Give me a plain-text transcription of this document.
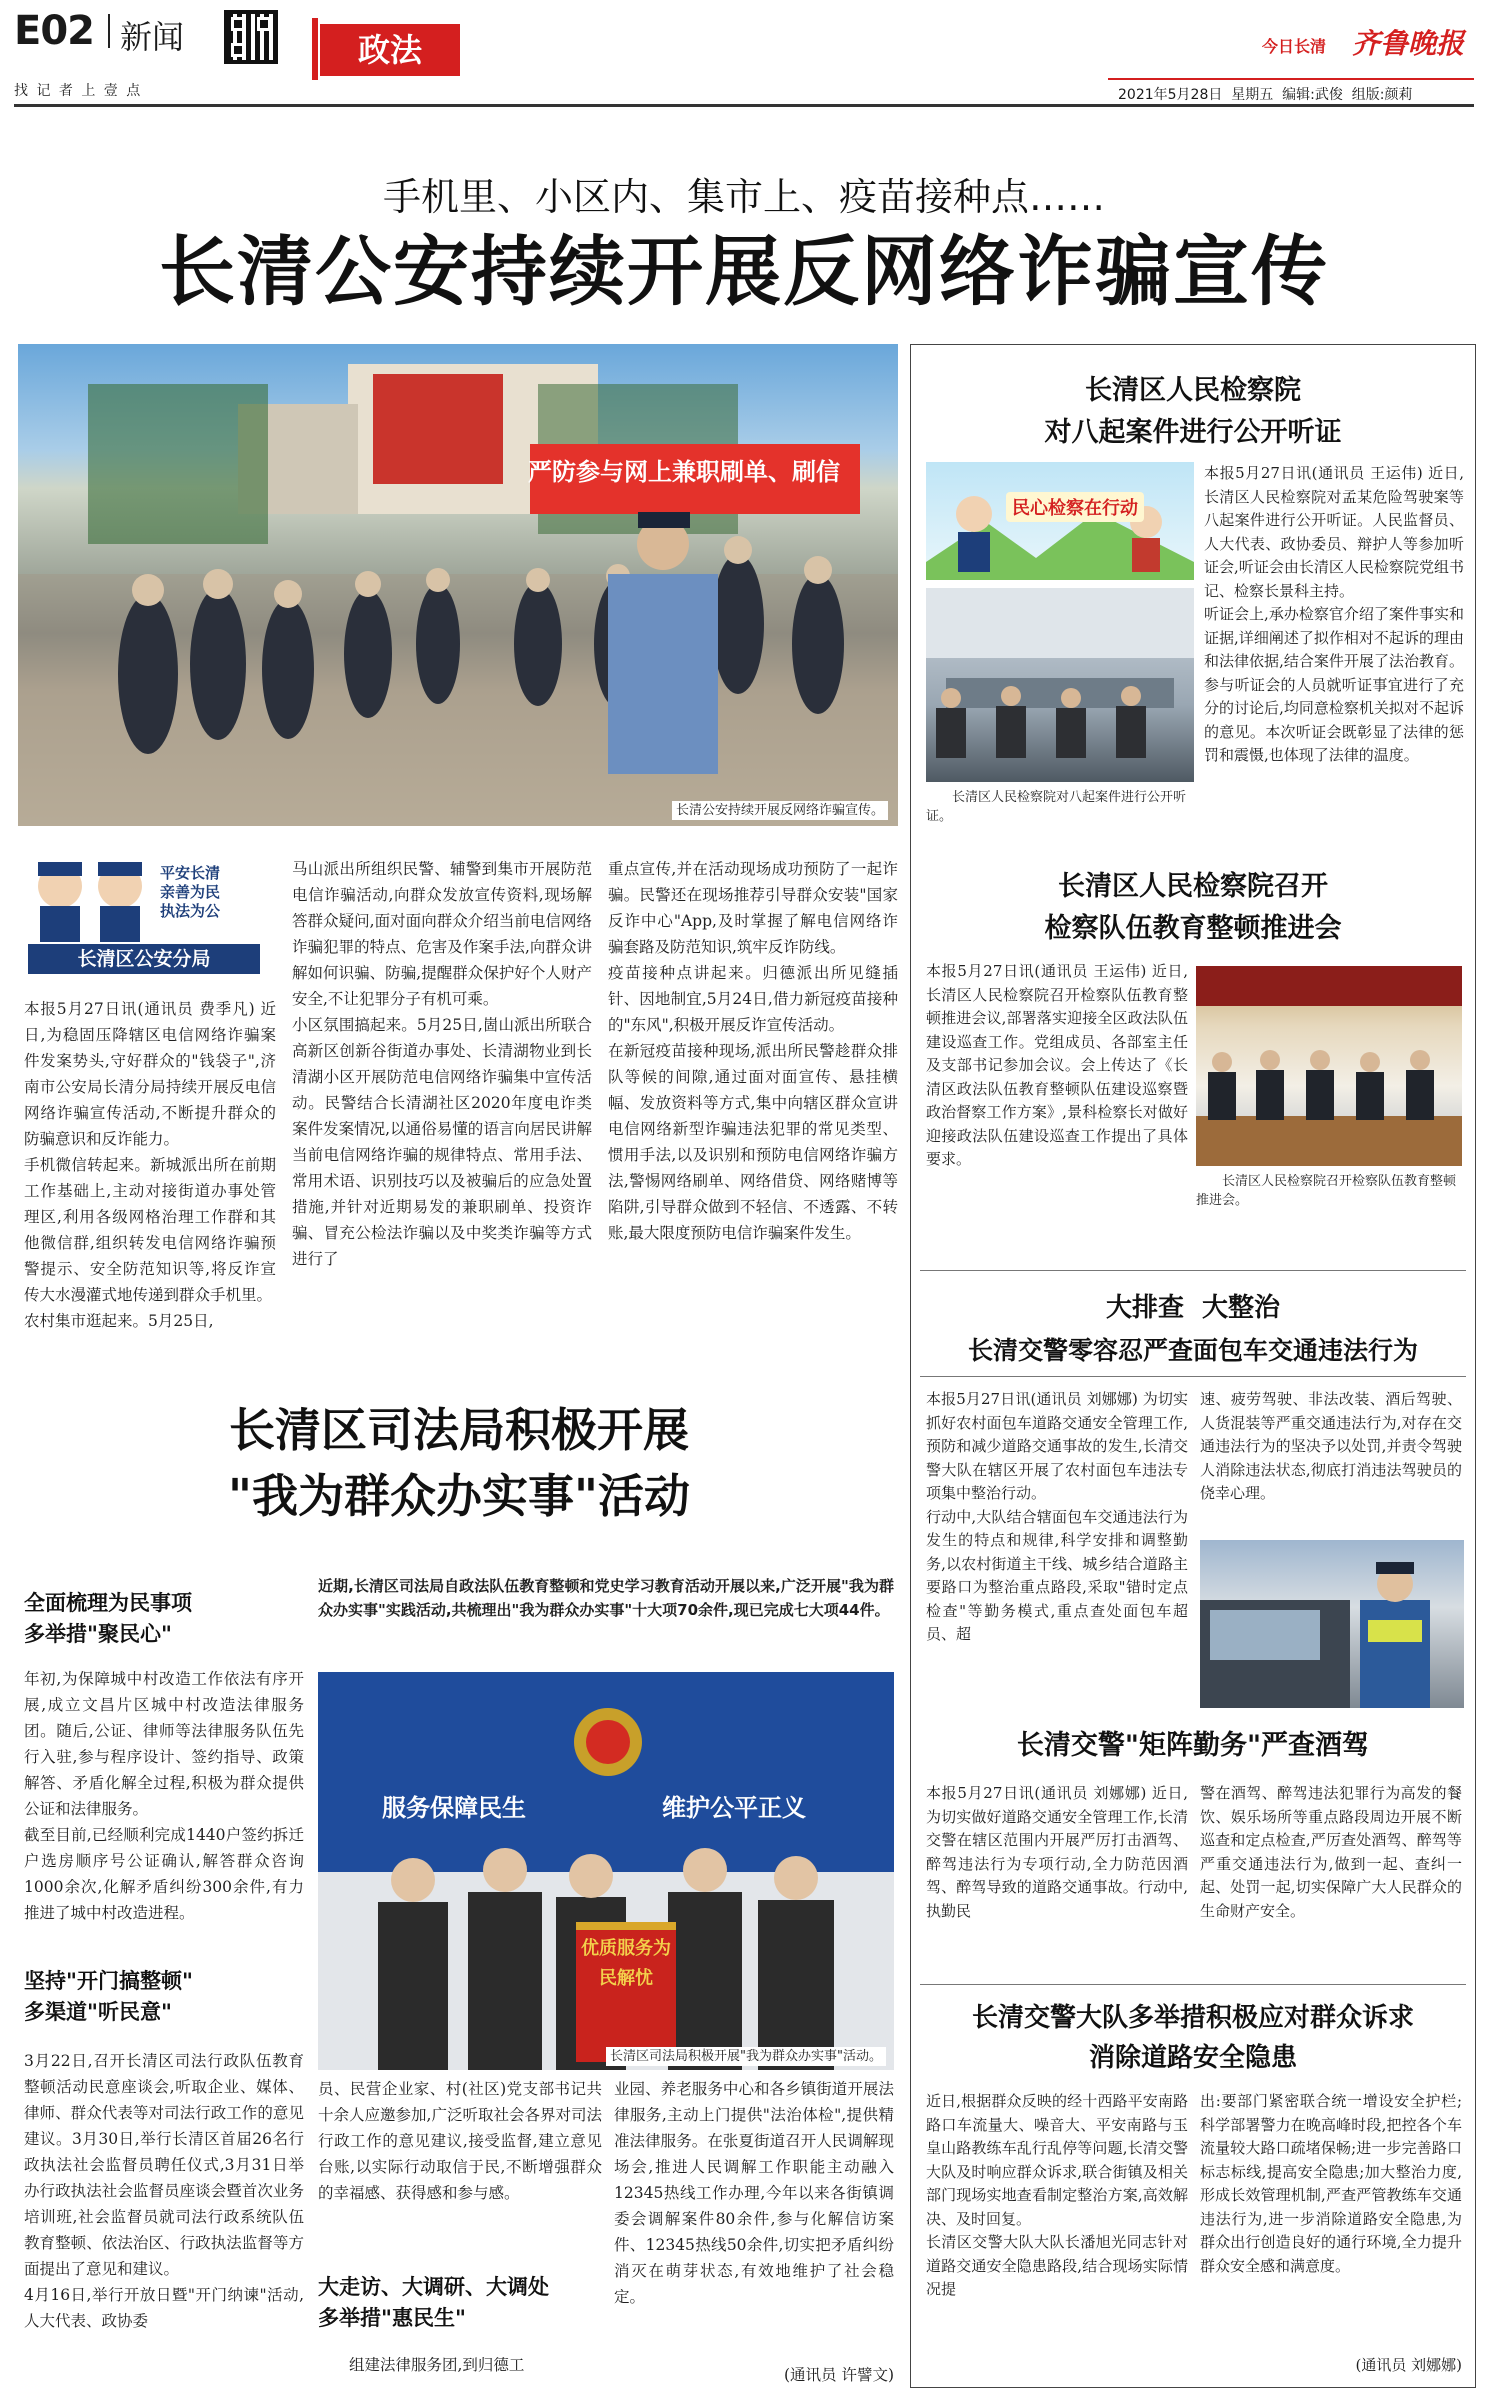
E02 新闻
找 记 者 上 壹 点
政法	今日长清 齐鲁晚报
2021年5月28日 星期五 编辑:武俊 组版:颜莉
手机里、小区内、集市上、疫苗接种点……
长清公安持续开展反网络诈骗宣传
严防参与网上兼职刷单、刷信
长清公安持续开展反网络诈骗宣传。
平安长清
亲善为民
执法为公
长清区公安分局
本报5月27日讯(通讯员 费季凡) 近日,为稳固压降辖区电信网络诈骗案件发案势头,守好群众的"钱袋子",济南市公安局长清分局持续开展反电信网络诈骗宣传活动,不断提升群众的防骗意识和反诈能力。
手机微信转起来。新城派出所在前期工作基础上,主动对接街道办事处管理区,利用各级网格治理工作群和其他微信群,组织转发电信网络诈骗预警提示、安全防范知识等,将反诈宣传大水漫灌式地传递到群众手机里。
农村集市逛起来。5月25日,
马山派出所组织民警、辅警到集市开展防范电信诈骗活动,向群众发放宣传资料,现场解答群众疑问,面对面向群众介绍当前电信网络诈骗犯罪的特点、危害及作案手法,向群众讲解如何识骗、防骗,提醒群众保护好个人财产安全,不让犯罪分子有机可乘。
小区氛围搞起来。5月25日,崮山派出所联合高新区创新谷街道办事处、长清湖物业到长清湖小区开展防范电信网络诈骗集中宣传活动。民警结合长清湖社区2020年度电诈类案件发案情况,以通俗易懂的语言向居民讲解当前电信网络诈骗的规律特点、常用手法、常用术语、识别技巧以及被骗后的应急处置措施,并针对近期易发的兼职刷单、投资诈骗、冒充公检法诈骗以及中奖类诈骗等方式进行了
重点宣传,并在活动现场成功预防了一起诈骗。民警还在现场推荐引导群众安装"国家反诈中心"App,及时掌握了解电信网络诈骗套路及防范知识,筑牢反诈防线。
疫苗接种点讲起来。归德派出所见缝插针、因地制宜,5月24日,借力新冠疫苗接种的"东风",积极开展反诈宣传活动。
在新冠疫苗接种现场,派出所民警趁群众排队等候的间隙,通过面对面宣传、悬挂横幅、发放资料等方式,集中向辖区群众宣讲电信网络新型诈骗违法犯罪的常见类型、惯用手法,以及识别和预防电信网络诈骗方法,警惕网络刷单、网络借贷、网络赌博等陷阱,引导群众做到不轻信、不透露、不转账,最大限度预防电信诈骗案件发生。
长清区司法局积极开展
"我为群众办实事"活动
全面梳理为民事项
多举措"聚民心"
年初,为保障城中村改造工作依法有序开展,成立文昌片区城中村改造法律服务团。随后,公证、律师等法律服务队伍先行入驻,参与程序设计、签约指导、政策解答、矛盾化解全过程,积极为群众提供公证和法律服务。
截至目前,已经顺利完成1440户签约拆迁户选房顺序号公证确认,解答群众咨询1000余次,化解矛盾纠纷300余件,有力推进了城中村改造进程。
坚持"开门搞整顿"
多渠道"听民意"
3月22日,召开长清区司法行政队伍教育整顿活动民意座谈会,听取企业、媒体、律师、群众代表等对司法行政工作的意见建议。3月30日,举行长清区首届26名行政执法社会监督员聘任仪式,3月31日举办行政执法社会监督员座谈会暨首次业务培训班,社会监督员就司法行政系统队伍教育整顿、依法治区、行政执法监督等方面提出了意见和建议。
4月16日,举行开放日暨"开门纳谏"活动,人大代表、政协委
近期,长清区司法局自政法队伍教育整顿和党史学习教育活动开展以来,广泛开展"我为群众办实事"实践活动,共梳理出"我为群众办实事"十大项70余件,现已完成七大项44件。
服务保障民生	维护公平正义
优质服务为民解忧
长清区司法局积极开展"我为群众办实事"活动。
员、民营企业家、村(社区)党支部书记共十余人应邀参加,广泛听取社会各界对司法行政工作的意见建议,接受监督,建立意见台账,以实际行动取信于民,不断增强群众的幸福感、获得感和参与感。
大走访、大调研、大调处
多举措"惠民生"
组建法律服务团,到归德工
业园、养老服务中心和各乡镇街道开展法律服务,主动上门提供"法治体检",提供精准法律服务。在张夏街道召开人民调解现场会,推进人民调解工作职能主动融入12345热线工作办理,今年以来各街镇调委会调解案件80余件,参与化解信访案件、12345热线50余件,切实把矛盾纠纷消灭在萌芽状态,有效地维护了社会稳定。
(通讯员 许譬文)
长清区人民检察院
对八起案件进行公开听证
民心检察在行动
长清区人民检察院对八起案件进行公开听证。
本报5月27日讯(通讯员 王运伟) 近日,长清区人民检察院对孟某危险驾驶案等八起案件进行公开听证。人民监督员、人大代表、政协委员、辩护人等参加听证会,听证会由长清区人民检察院党组书记、检察长景科主持。
听证会上,承办检察官介绍了案件事实和证据,详细阐述了拟作相对不起诉的理由和法律依据,结合案件开展了法治教育。参与听证会的人员就听证事宜进行了充分的讨论后,均同意检察机关拟对不起诉的意见。本次听证会既彰显了法律的惩罚和震慑,也体现了法律的温度。
长清区人民检察院召开
检察队伍教育整顿推进会
本报5月27日讯(通讯员 王运伟) 近日,长清区人民检察院召开检察队伍教育整顿推进会议,部署落实迎接全区政法队伍建设巡查工作。党组成员、各部室主任及支部书记参加会议。会上传达了《长清区政法队伍教育整顿队伍建设巡察暨政治督察工作方案》,景科检察长对做好迎接政法队伍建设巡查工作提出了具体要求。
长清区人民检察院召开检察队伍教育整顿推进会。
大排查  大整治
长清交警零容忍严查面包车交通违法行为
本报5月27日讯(通讯员 刘娜娜) 为切实抓好农村面包车道路交通安全管理工作,预防和减少道路交通事故的发生,长清交警大队在辖区开展了农村面包车违法专项集中整治行动。
行动中,大队结合辖面包车交通违法行为发生的特点和规律,科学安排和调整勤务,以农村街道主干线、城乡结合道路主要路口为整治重点路段,采取"错时定点检查"等勤务模式,重点查处面包车超员、超
速、疲劳驾驶、非法改装、酒后驾驶、人货混装等严重交通违法行为,对存在交通违法行为的坚决予以处罚,并责令驾驶人消除违法状态,彻底打消违法驾驶员的侥幸心理。
长清交警"矩阵勤务"严查酒驾
本报5月27日讯(通讯员 刘娜娜) 近日,为切实做好道路交通安全管理工作,长清交警在辖区范围内开展严厉打击酒驾、醉驾违法行为专项行动,全力防范因酒驾、醉驾导致的道路交通事故。行动中,执勤民
警在酒驾、醉驾违法犯罪行为高发的餐饮、娱乐场所等重点路段周边开展不断巡查和定点检查,严厉查处酒驾、醉驾等严重交通违法行为,做到一起、查纠一起、处罚一起,切实保障广大人民群众的生命财产安全。
长清交警大队多举措积极应对群众诉求
消除道路安全隐患
近日,根据群众反映的经十西路平安南路路口车流量大、噪音大、平安南路与玉皇山路教练车乱行乱停等问题,长清交警大队及时响应群众诉求,联合街镇及相关部门现场实地查看制定整治方案,高效解决、及时回复。
长清区交警大队大队长潘旭光同志针对道路交通安全隐患路段,结合现场实际情况提
出:要部门紧密联合统一增设安全护栏;科学部署警力在晚高峰时段,把控各个车流量较大路口疏堵保畅;进一步完善路口标志标线,提高安全隐患;加大整治力度,形成长效管理机制,严查严管教练车交通违法行为,进一步消除道路安全隐患,为群众出行创造良好的通行环境,全力提升群众安全感和满意度。
(通讯员 刘娜娜)
